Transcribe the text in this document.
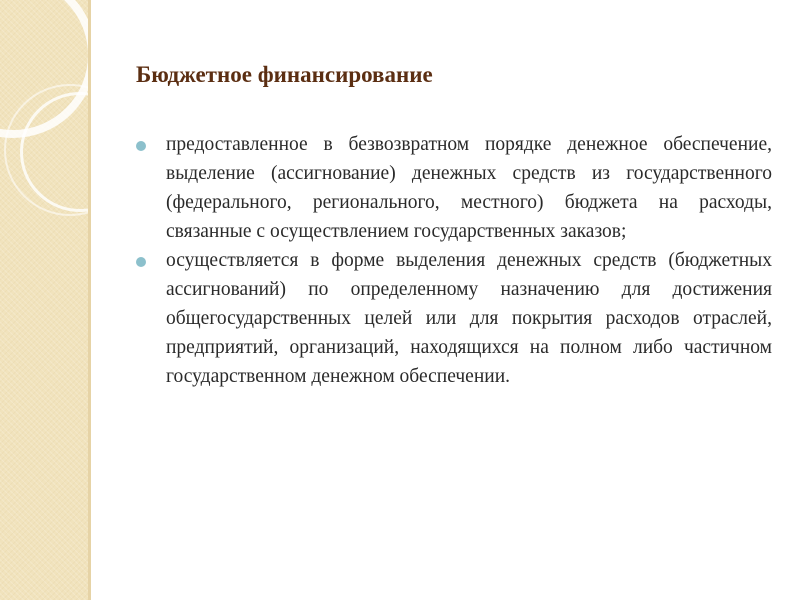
Бюджетное финансирование

предоставленное в безвозвратном порядке денежное обеспечение, выделение (ассигнование) денежных средств из государственного (федерального, регионального, местного) бюджета на расходы, связанные с осуществлением государственных заказов;

осуществляется в форме выделения денежных средств (бюджетных ассигнований) по определенному назначению для достижения общегосударственных целей или для покрытия расходов отраслей, предприятий, организаций, находящихся на полном либо частичном государственном денежном обеспечении.
